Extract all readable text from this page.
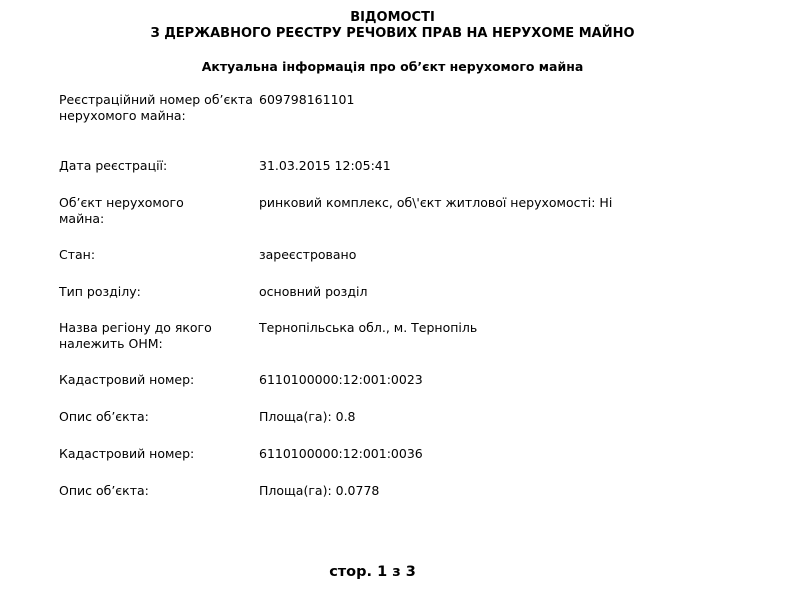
ВІДОМОСТІ

З ДЕРЖАВНОГО РЕЄСТРУ РЕЧОВИХ ПРАВ НА НЕРУХОМЕ МАЙНО

Актуальна інформація про об’єкт нерухомого майна
Реєстраційний номер об’єкта нерухомого майна:
609798161101
Дата реєстрації:	31.03.2015 12:05:41
Об’єкт нерухомого майна:
ринковий комплекс, об\'єкт житлової нерухомості: Ні
Стан:	зареєстровано
Тип розділу:	основний розділ
Назва регіону до якого належить ОНМ:
Тернопільська обл., м. Тернопіль
Кадастровий номер:	6110100000:12:001:0023
Опис об’єкта:	Площа(га): 0.8
Кадастровий номер:	6110100000:12:001:0036
Опис об’єкта:	Площа(га): 0.0778
стор. 1 з 3
